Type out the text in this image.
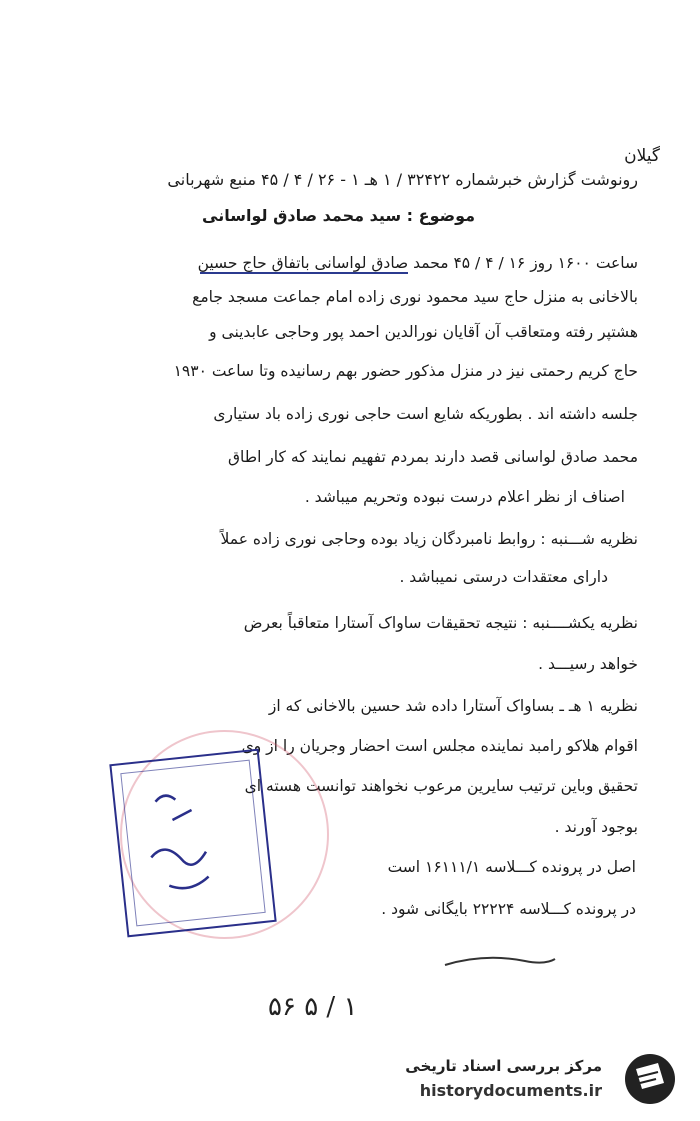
گیلان
رونوشت گزارش خبرشماره ۳۲۴۲۲ / ۱ هـ ۱ - ۲۶ / ۴ / ۴۵ منبع شهربانی
موضوع : سید محمد صادق لواسانی
ساعت ۱۶۰۰ روز ۱۶ / ۴ / ۴۵ محمد صادق لواسانی باتفاق حاج حسین
بالاخانی به منزل حاج سید محمود نوری زاده امام جماعت مسجد جامع
هشتپر رفته ومتعاقب آن آقایان نورالدین احمد پور وحاجی عابدینی و
حاج کریم رحمتی نیز در منزل مذکور حضور بهم رسانیده وتا ساعت ۱۹۳۰
جلسه داشته اند . بطوریکه شایع است حاجی نوری زاده باد ستیاری
محمد صادق لواسانی قصد دارند بمردم تفهیم نمایند که کار اطاق
اصناف از نظر اعلام درست نبوده وتحریم میباشد .
نظریه شـــنبه : روابط نامبردگان زیاد بوده وحاجی نوری زاده عملاً
دارای معتقدات درستی نمیباشد .
نظریه یکشــــنبه : نتیجه تحقیقات ساواک آستارا متعاقباً بعرض
خواهد رسیـــد .
نظریه ۱ هـ ـ بساواک آستارا داده شد حسین بالاخانی که از
اقوام هلاکو رامبد نماینده مجلس است احضار وجریان را از وی
تحقیق وباین ترتیب سایرین مرعوب نخواهند توانست هسته ای
بوجود آورند .
اصل در پرونده کـــلاسه ۱۶۱۱۱/۱ است
در پرونده کـــلاسه ۲۲۲۲۴ بایگانی شود .
۵۶ ۵ / ۱
مرکز بررسی اسناد تاریخی
historydocuments.ir
